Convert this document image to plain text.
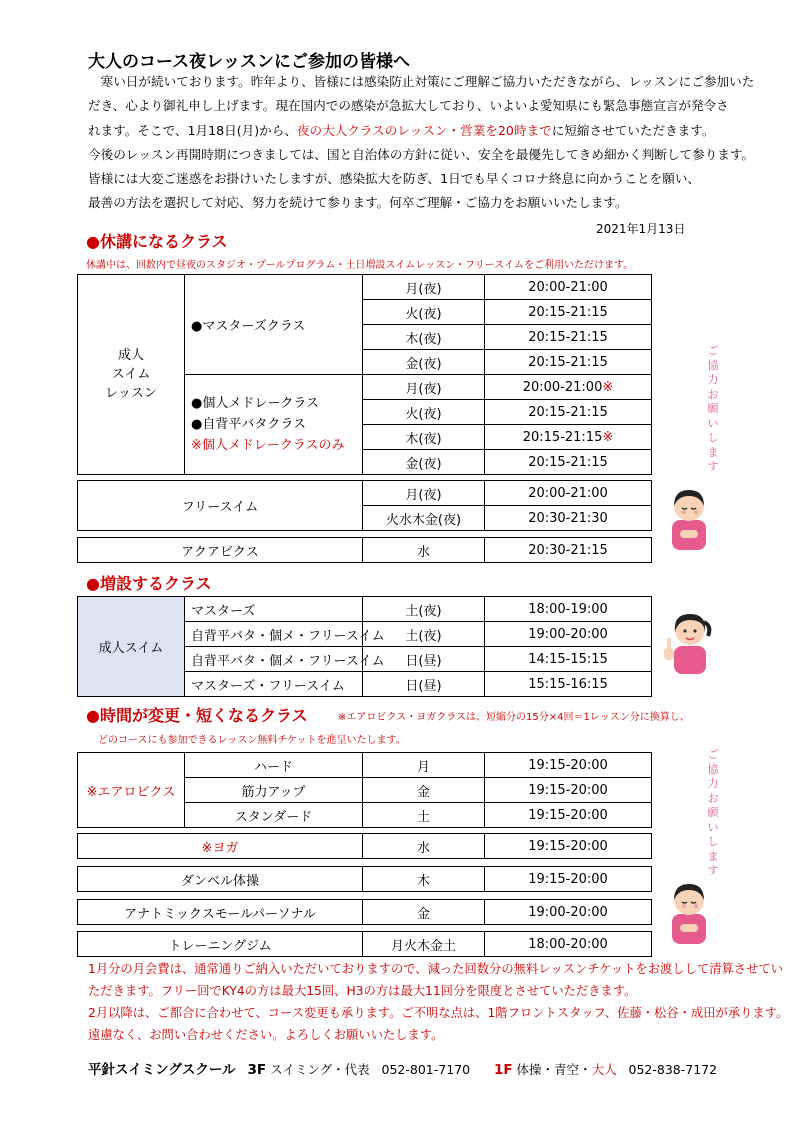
大人のコース夜レッスンにご参加の皆様へ

　寒い日が続いております。昨年より、皆様には感染防止対策にご理解ご協力いただきながら、レッスンにご参加いた

だき、心より御礼申し上げます。現在国内での感染が急拡大しており、いよいよ愛知県にも緊急事態宣言が発令さ

れます。そこで、1月18日(月)から、夜の大人クラスのレッスン・営業を20時までに短縮させていただきます。

今後のレッスン再開時期につきましては、国と自治体の方針に従い、安全を最優先してきめ細かく判断して参ります。

皆様には大変ご迷惑をお掛けいたしますが、感染拡大を防ぎ、1日でも早くコロナ終息に向かうことを願い、

最善の方法を選択して対応、努力を続けて参ります。何卒ご理解・ご協力をお願いいたします。

2021年1月13日
●休講になるクラス
休講中は、回数内で昼夜のスタジオ・プールプログラム・土日増設スイムレッスン・フリースイムをご利用いただけます。
成人
スイム
レッスン	●マスターズクラス	月(夜)	20:00-21:00
		火(夜)	20:15-21:15
		木(夜)	20:15-21:15
		金(夜)	20:15-21:15

	●個人メドレークラス
●自背平バタクラス
※個人メドレークラスのみ	月(夜)	20:00-21:00※
		火(夜)	20:15-21:15
		木(夜)	20:15-21:15※
		金(夜)	20:15-21:15
フリースイム	月(夜)	20:00-21:00
	火水木金(夜)	20:30-21:30
アクアビクス	水	20:30-21:15
●増設するクラス
成人スイム	マスターズ	土(夜)	18:00-19:00
	自背平バタ・個メ・フリースイム	土(夜)	19:00-20:00
	自背平バタ・個メ・フリースイム	日(昼)	14:15-15:15
	マスターズ・フリースイム	日(昼)	15:15-16:15
●時間が変更・短くなるクラス	※エアロビクス・ヨガクラスは、短縮分の15分×4回＝1レッスン分に換算し、
どのコースにも参加できるレッスン無料チケットを進呈いたします。
※エアロビクス	ハード	月	19:15-20:00
	筋力アップ	金	19:15-20:00
	スタンダード	土	19:15-20:00
※ヨガ	水	19:15-20:00
ダンベル体操	木	19:15-20:00
アナトミックスモールパーソナル	金	19:00-20:00
トレーニングジム	月火木金土	18:00-20:00

1月分の月会費は、通常通りご納入いただいておりますので、減った回数分の無料レッスンチケットをお渡しして清算させてい

ただきます。フリー回でKY4の方は最大15回、H3の方は最大11回分を限度とさせていただきます。

2月以降は、ご都合に合わせて、コース変更も承ります。ご不明な点は、1階フロントスタッフ、佐藤・松谷・成田が承ります。

遠慮なく、お問い合わせください。よろしくお願いいたします。

平針スイミングスクール 3F スイミング・代表 052-801-7170 1F 体操・青空・大人 052-838-7172
ご
協
力
お
願
い
し
ま
す
ご
協
力
お
願
い
し
ま
す
